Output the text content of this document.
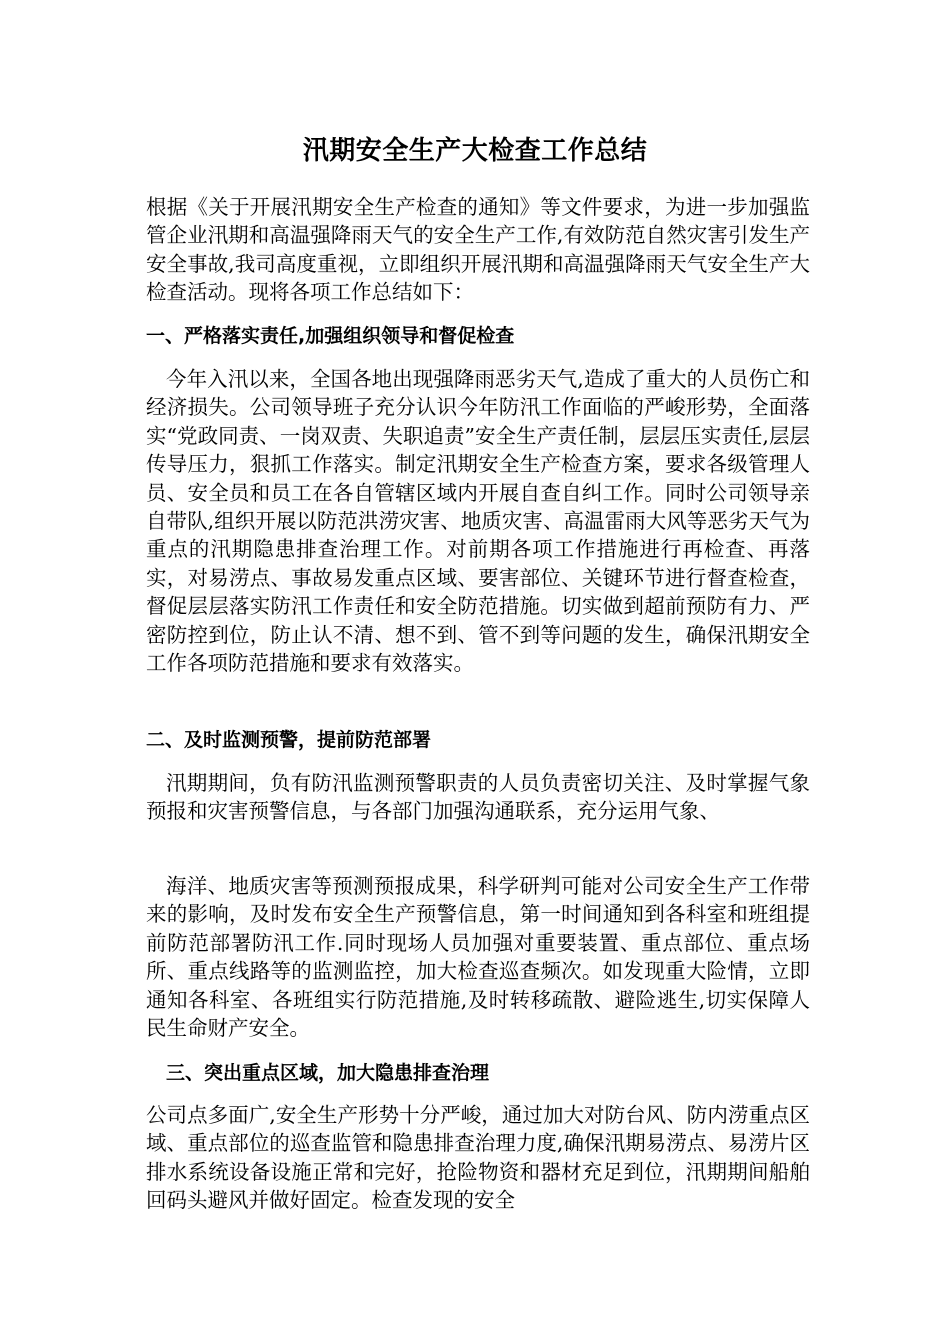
汛期安全生产大检查工作总结

根据《关于开展汛期安全生产检查的通知》等文件要求，为进一步加强监管企业汛期和高温强降雨天气的安全生产工作,有效防范自然灾害引发生产安全事故,我司高度重视，立即组织开展汛期和高温强降雨天气安全生产大检查活动。现将各项工作总结如下：

一、严格落实责任,加强组织领导和督促检查

今年入汛以来，全国各地出现强降雨恶劣天气,造成了重大的人员伤亡和经济损失。公司领导班子充分认识今年防汛工作面临的严峻形势，全面落实“党政同责、一岗双责、失职追责”安全生产责任制，层层压实责任,层层传导压力，狠抓工作落实。制定汛期安全生产检查方案，要求各级管理人员、安全员和员工在各自管辖区域内开展自查自纠工作。同时公司领导亲自带队,组织开展以防范洪涝灾害、地质灾害、高温雷雨大风等恶劣天气为重点的汛期隐患排查治理工作。对前期各项工作措施进行再检查、再落实，对易涝点、事故易发重点区域、要害部位、关键环节进行督查检查，督促层层落实防汛工作责任和安全防范措施。切实做到超前预防有力、严密防控到位，防止认不清、想不到、管不到等问题的发生，确保汛期安全工作各项防范措施和要求有效落实。

二、及时监测预警，提前防范部署

汛期期间，负有防汛监测预警职责的人员负责密切关注、及时掌握气象预报和灾害预警信息，与各部门加强沟通联系，充分运用气象、

海洋、地质灾害等预测预报成果，科学研判可能对公司安全生产工作带来的影响，及时发布安全生产预警信息，第一时间通知到各科室和班组提前防范部署防汛工作.同时现场人员加强对重要装置、重点部位、重点场所、重点线路等的监测监控，加大检查巡查频次。如发现重大险情，立即通知各科室、各班组实行防范措施,及时转移疏散、避险逃生,切实保障人民生命财产安全。

三、突出重点区域，加大隐患排查治理

公司点多面广,安全生产形势十分严峻，通过加大对防台风、防内涝重点区域、重点部位的巡查监管和隐患排查治理力度,确保汛期易涝点、易涝片区排水系统设备设施正常和完好，抢险物资和器材充足到位，汛期期间船舶回码头避风并做好固定。检查发现的安全
